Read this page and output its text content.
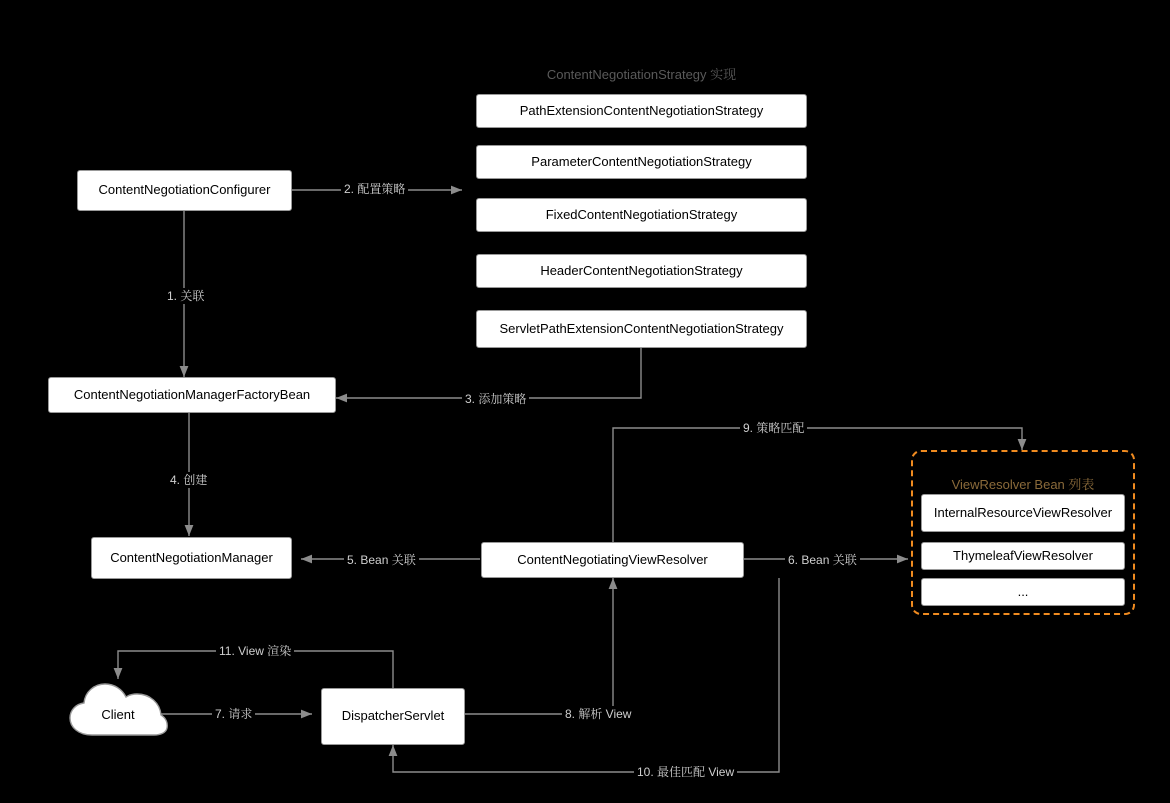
ContentNegotiationStrategy 实现
PathExtensionContentNegotiationStrategy
ParameterContentNegotiationStrategy
FixedContentNegotiationStrategy
HeaderContentNegotiationStrategy
ServletPathExtensionContentNegotiationStrategy
ContentNegotiationConfigurer
ContentNegotiationManagerFactoryBean
ContentNegotiationManager	ContentNegotiatingViewResolver
DispatcherServlet
ViewResolver Bean 列表
InternalResourceViewResolver
ThymeleafViewResolver
...
Client
1. 关联
2. 配置策略
3. 添加策略
4. 创建
5. Bean 关联	6. Bean 关联
7. 请求	8. 解析 View
9. 策略匹配
10. 最佳匹配 View
11. View 渲染
